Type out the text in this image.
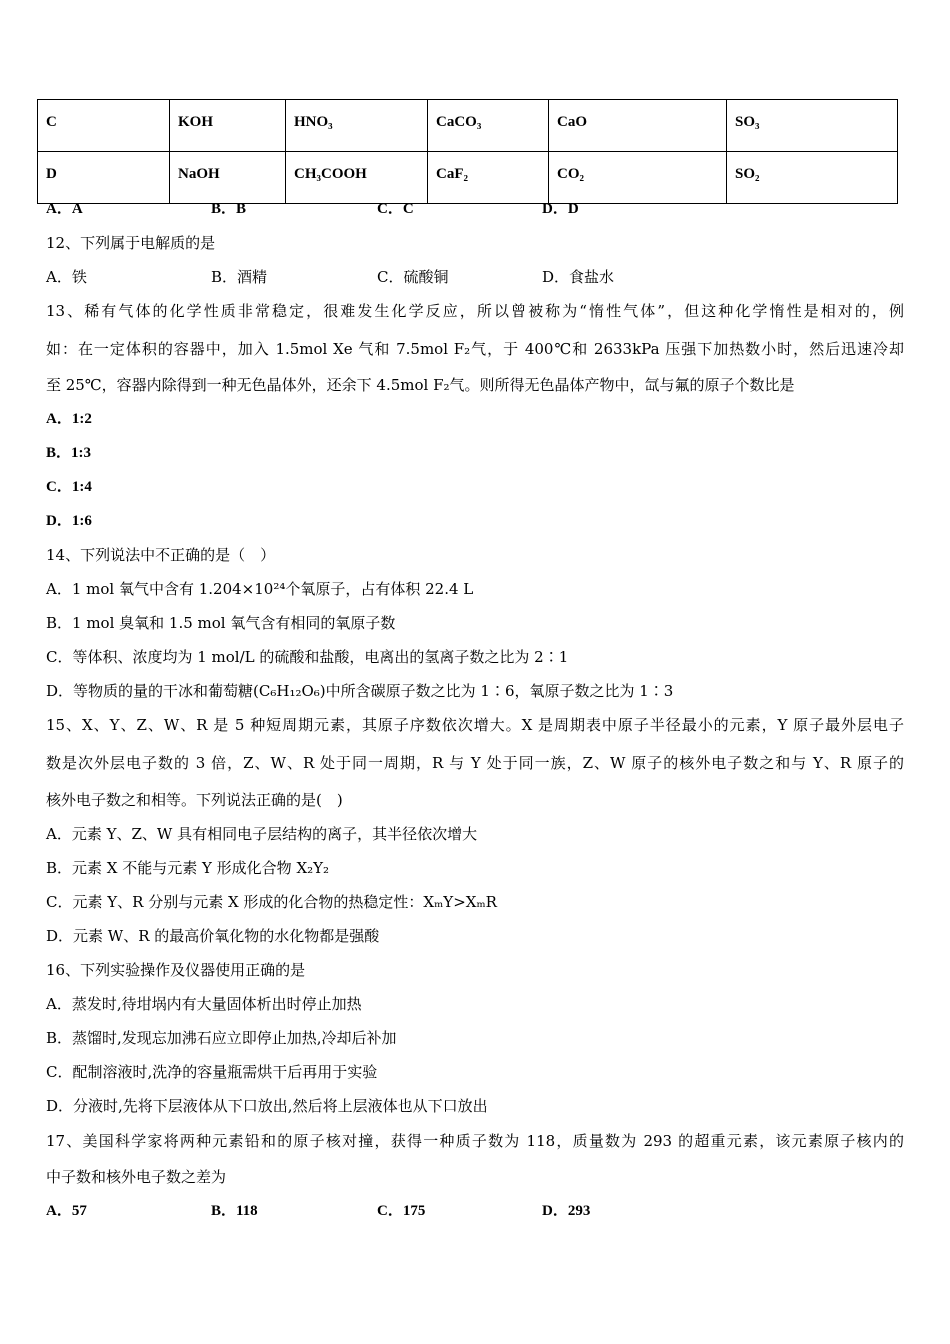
C	KOH	HNO₃	CaCO₃	CaO	SO₃
D	NaOH	CH₃COOH	CaF₂	CO₂	SO₂
A．A	B．B	C．C	D．D
12、下列属于电解质的是
A．铁	B．酒精	C．硫酸铜	D．食盐水
13、稀有气体的化学性质非常稳定，很难发生化学反应，所以曾被称为“惰性气体”，但这种化学惰性是相对的，例
如：在一定体积的容器中，加入 1.5mol Xe 气和 7.5mol F₂气，于 400℃和 2633kPa 压强下加热数小时，然后迅速冷却
至 25℃，容器内除得到一种无色晶体外，还余下 4.5mol F₂气。则所得无色晶体产物中，氙与氟的原子个数比是
A．1:2
B．1:3
C．1:4
D．1:6
14、下列说法中不正确的是（　）
A．1 mol 氧气中含有 1.204×10²⁴个氧原子，占有体积 22.4 L
B．1 mol 臭氧和 1.5 mol 氧气含有相同的氧原子数
C．等体积、浓度均为 1 mol/L 的硫酸和盐酸，电离出的氢离子数之比为 2∶1
D．等物质的量的干冰和葡萄糖(C₆H₁₂O₆)中所含碳原子数之比为 1∶6，氧原子数之比为 1∶3
15、X、Y、Z、W、R 是 5 种短周期元素，其原子序数依次增大。X 是周期表中原子半径最小的元素，Y 原子最外层电子
数是次外层电子数的 3 倍，Z、W、R 处于同一周期，R 与 Y 处于同一族，Z、W 原子的核外电子数之和与 Y、R 原子的
核外电子数之和相等。下列说法正确的是(　)
A．元素 Y、Z、W 具有相同电子层结构的离子，其半径依次增大
B．元素 X 不能与元素 Y 形成化合物 X₂Y₂
C．元素 Y、R 分别与元素 X 形成的化合物的热稳定性：XₘY>XₘR
D．元素 W、R 的最高价氧化物的水化物都是强酸
16、下列实验操作及仪器使用正确的是
A．蒸发时,待坩埚内有大量固体析出时停止加热
B．蒸馏时,发现忘加沸石应立即停止加热,冷却后补加
C．配制溶液时,洗净的容量瓶需烘干后再用于实验
D．分液时,先将下层液体从下口放出,然后将上层液体也从下口放出
17、美国科学家将两种元素铅和的原子核对撞，获得一种质子数为 118，质量数为 293 的超重元素，该元素原子核内的
中子数和核外电子数之差为
A．57	B．118	C．175	D．293
